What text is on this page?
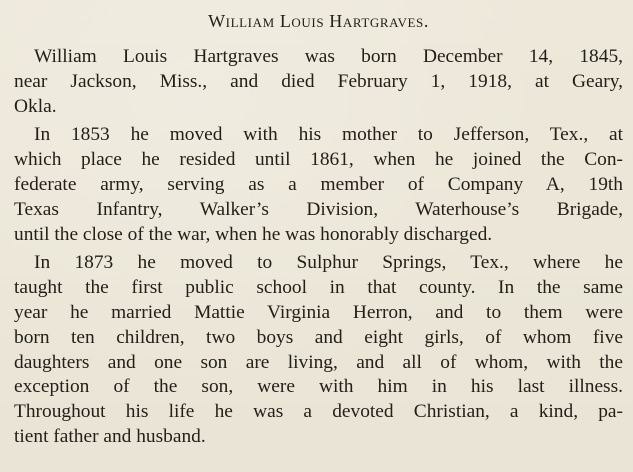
William Louis Hartgraves.
William Louis Hartgraves was born December 14, 1845,
near Jackson, Miss., and died February 1, 1918, at Geary,
Okla.
In 1853 he moved with his mother to Jefferson, Tex., at
which place he resided until 1861, when he joined the Con-
federate army, serving as a member of Company A, 19th
Texas Infantry, Walker’s Division, Waterhouse’s Brigade,
until the close of the war, when he was honorably discharged.
In 1873 he moved to Sulphur Springs, Tex., where he
taught the first public school in that county. In the same
year he married Mattie Virginia Herron, and to them were
born ten children, two boys and eight girls, of whom five
daughters and one son are living, and all of whom, with the
exception of the son, were with him in his last illness.
Throughout his life he was a devoted Christian, a kind, pa-
tient father and husband.
